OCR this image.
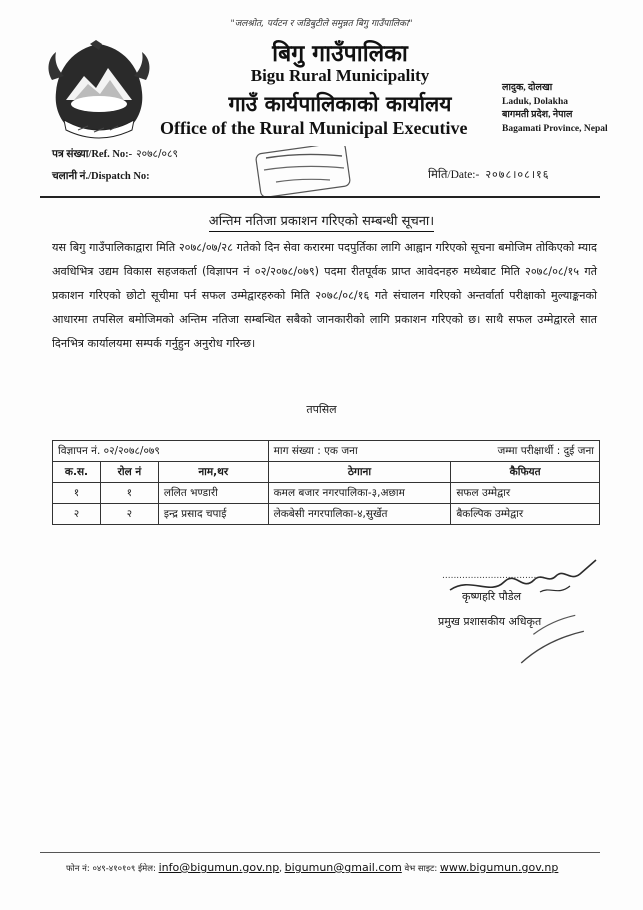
"जलश्रोत, पर्यटन र जडिबुटीले समुन्नत बिगु गाउँपालिका"
बिगु गाउँपालिका
Bigu Rural Municipality
गाउँ कार्यपालिकाको कार्यालय
Office of the Rural Municipal Executive
लादुक, दोलखा
Laduk, Dolakha
बागमती प्रदेश, नेपाल
Bagamati Province, Nepal
पत्र संख्या/Ref. No:- २०७८/०८९
चलानी नं./Dispatch No:	मिति/Date:- २०७८।०८।१६
अन्तिम नतिजा प्रकाशन गरिएको सम्बन्धी सूचना।

यस बिगु गाउँपालिकाद्वारा मिति २०७८/०७/२८ गतेको दिन सेवा करारमा पदपुर्तिका लागि आह्वान गरिएको सूचना बमोजिम तोकिएको म्याद अवधिभित्र उद्यम विकास सहजकर्ता (विज्ञापन नं ०२/२०७८/०७९) पदमा रीतपूर्वक प्राप्त आवेदनहरु मध्येबाट मिति २०७८/०८/१५ गते प्रकाशन गरिएको छोटो सूचीमा पर्न सफल उम्मेद्वारहरुको मिति २०७८/०८/१६ गते संचालन गरिएको अन्तर्वार्ता परीक्षाको मुल्याङ्कनको आधारमा तपसिल बमोजिमको अन्तिम नतिजा सम्बन्धित सबैको जानकारीको लागि प्रकाशन गरिएको छ। साथै सफल उम्मेद्वारले सात दिनभित्र कार्यालयमा सम्पर्क गर्नुहुन अनुरोध गरिन्छ।

तपसिल
विज्ञापन नं. ०२/२०७८/०७९			माग संख्या : एक जना जम्मा परीक्षार्थी : दुई जना	

क.स.	रोल नं	नाम,थर	ठेगाना	कैफियत
१	१	ललित भण्डारी	कमल बजार नगरपालिका-३,अछाम	सफल उम्मेद्वार
२	२	इन्द्र प्रसाद चपाई	लेकबेसी नगरपालिका-४,सुर्खेत	बैकल्पिक उम्मेद्वार
....................................
कृष्णहरि पौडेल
प्रमुख प्रशासकीय अधिकृत
फोन नं: ०४९-४१०१०९ ईमेल: info@bigumun.gov.np, bigumun@gmail.com वेभ साइट: www.bigumun.gov.np
